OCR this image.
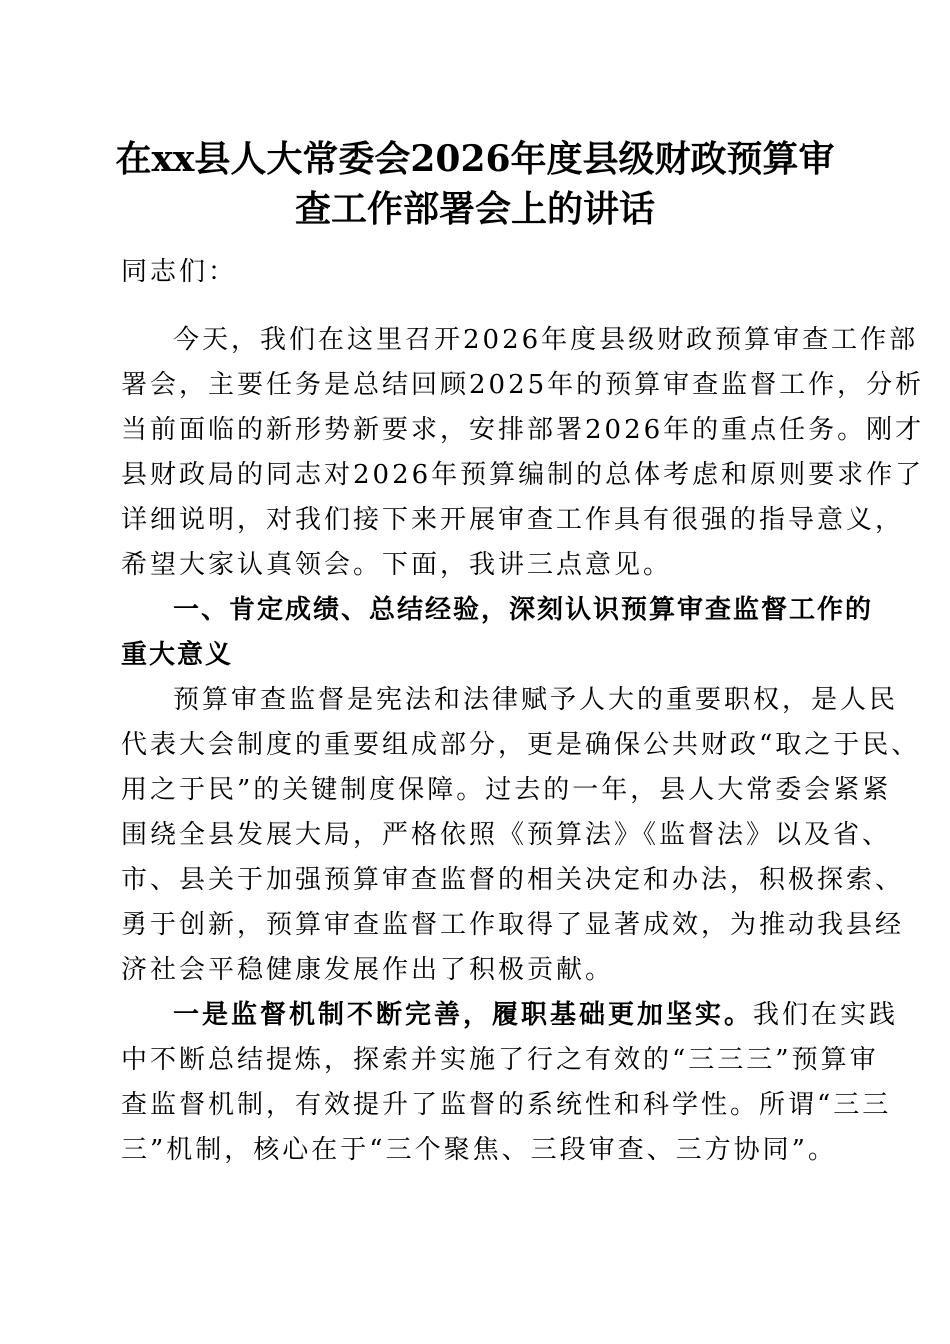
在xx县人大常委会2026年度县级财政预算审
查工作部署会上的讲话
同志们：
今天，我们在这里召开2026年度县级财政预算审查工作部
署会，主要任务是总结回顾2025年的预算审查监督工作，分析
当前面临的新形势新要求，安排部署2026年的重点任务。刚才
县财政局的同志对2026年预算编制的总体考虑和原则要求作了
详细说明，对我们接下来开展审查工作具有很强的指导意义，
希望大家认真领会。下面，我讲三点意见。
一、肯定成绩、总结经验，深刻认识预算审查监督工作的
重大意义
预算审查监督是宪法和法律赋予人大的重要职权，是人民
代表大会制度的重要组成部分，更是确保公共财政“取之于民、
用之于民”的关键制度保障。过去的一年，县人大常委会紧紧
围绕全县发展大局，严格依照《预算法》《监督法》以及省、
市、县关于加强预算审查监督的相关决定和办法，积极探索、
勇于创新，预算审查监督工作取得了显著成效，为推动我县经
济社会平稳健康发展作出了积极贡献。
一是监督机制不断完善，履职基础更加坚实。我们在实践
中不断总结提炼，探索并实施了行之有效的“三三三”预算审
查监督机制，有效提升了监督的系统性和科学性。所谓“三三
三”机制，核心在于“三个聚焦、三段审查、三方协同”。
